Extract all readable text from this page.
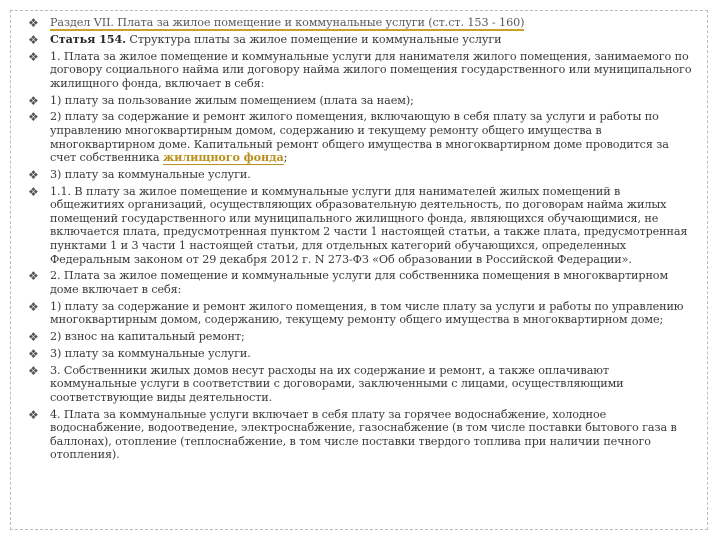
❖ Раздел VII. Плата за жилое помещение и коммунальные услуги (ст.ст. 153 - 160)
❖ Статья 154. Структура платы за жилое помещение и коммунальные услуги
❖ 1. Плата за жилое помещение и коммунальные услуги для нанимателя жилого помещения, занимаемого по договору социального найма или договору найма жилого помещения государственного или муниципального жилищного фонда, включает в себя:
❖ 1) плату за пользование жилым помещением (плата за наем);
❖ 2) плату за содержание и ремонт жилого помещения, включающую в себя плату за услуги и работы по управлению многоквартирным домом, содержанию и текущему ремонту общего имущества в многоквартирном доме. Капитальный ремонт общего имущества в многоквартирном доме проводится за счет собственника жилищного фонда;
❖ 3) плату за коммунальные услуги.
❖ 1.1. В плату за жилое помещение и коммунальные услуги для нанимателей жилых помещений в общежитиях организаций, осуществляющих образовательную деятельность, по договорам найма жилых помещений государственного или муниципального жилищного фонда, являющихся обучающимися, не включается плата, предусмотренная пунктом 2 части 1 настоящей статьи, а также плата, предусмотренная пунктами 1 и 3 части 1 настоящей статьи, для отдельных категорий обучающихся, определенных Федеральным законом от 29 декабря 2012 г. N 273-ФЗ «Об образовании в Российской Федерации».
❖ 2. Плата за жилое помещение и коммунальные услуги для собственника помещения в многоквартирном доме включает в себя:
❖ 1) плату за содержание и ремонт жилого помещения, в том числе плату за услуги и работы по управлению многоквартирным домом, содержанию, текущему ремонту общего имущества в многоквартирном доме;
❖ 2) взнос на капитальный ремонт;
❖ 3) плату за коммунальные услуги.
❖ 3. Собственники жилых домов несут расходы на их содержание и ремонт, а также оплачивают коммунальные услуги в соответствии с договорами, заключенными с лицами, осуществляющими соответствующие виды деятельности.
❖ 4. Плата за коммунальные услуги включает в себя плату за горячее водоснабжение, холодное водоснабжение, водоотведение, электроснабжение, газоснабжение (в том числе поставки бытового газа в баллонах), отопление (теплоснабжение, в том числе поставки твердого топлива при наличии печного отопления).
